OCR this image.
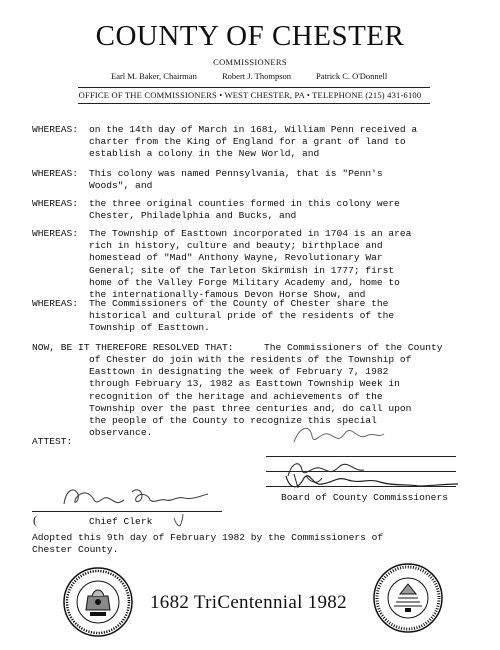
COUNTY OF CHESTER
COMMISSIONERS
Earl M. Baker, Chairman	Robert J. Thompson	Patrick C. O'Donnell
OFFICE OF THE COMMISSIONERS • WEST CHESTER, PA • TELEPHONE (215) 431-6100
WHEREAS: on the 14th day of March in 1681, William Penn received a
charter from the King of England for a grant of land to
establish a colony in the New World, and
WHEREAS: This colony was named Pennsylvania, that is "Penn's
Woods", and
WHEREAS: the three original counties formed in this colony were
Chester, Philadelphia and Bucks, and
WHEREAS: The Township of Easttown incorporated in 1704 is an area
rich in history, culture and beauty; birthplace and
homestead of "Mad" Anthony Wayne, Revolutionary War
General; site of the Tarleton Skirmish in 1777; first
home of the Valley Forge Military Academy and, home to
the internationally-famous Devon Horse Show, and
WHEREAS: The Commissioners of the County of Chester share the
historical and cultural pride of the residents of the
Township of Easttown.
NOW, BE IT THEREFORE RESOLVED THAT:	The Commissioners of the County
of Chester do join with the residents of the Township of
Easttown in designating the week of February 7, 1982
through February 13, 1982 as Easttown Township Week in
recognition of the heritage and achievements of the
Township over the past three centuries and, do call upon
the people of the County to recognize this special
observance.
ATTEST:
Board of County Commissioners
(	Chief Clerk
Adopted this 9th day of February 1982 by the Commissioners of
Chester County.
1682 TriCentennial 1982
